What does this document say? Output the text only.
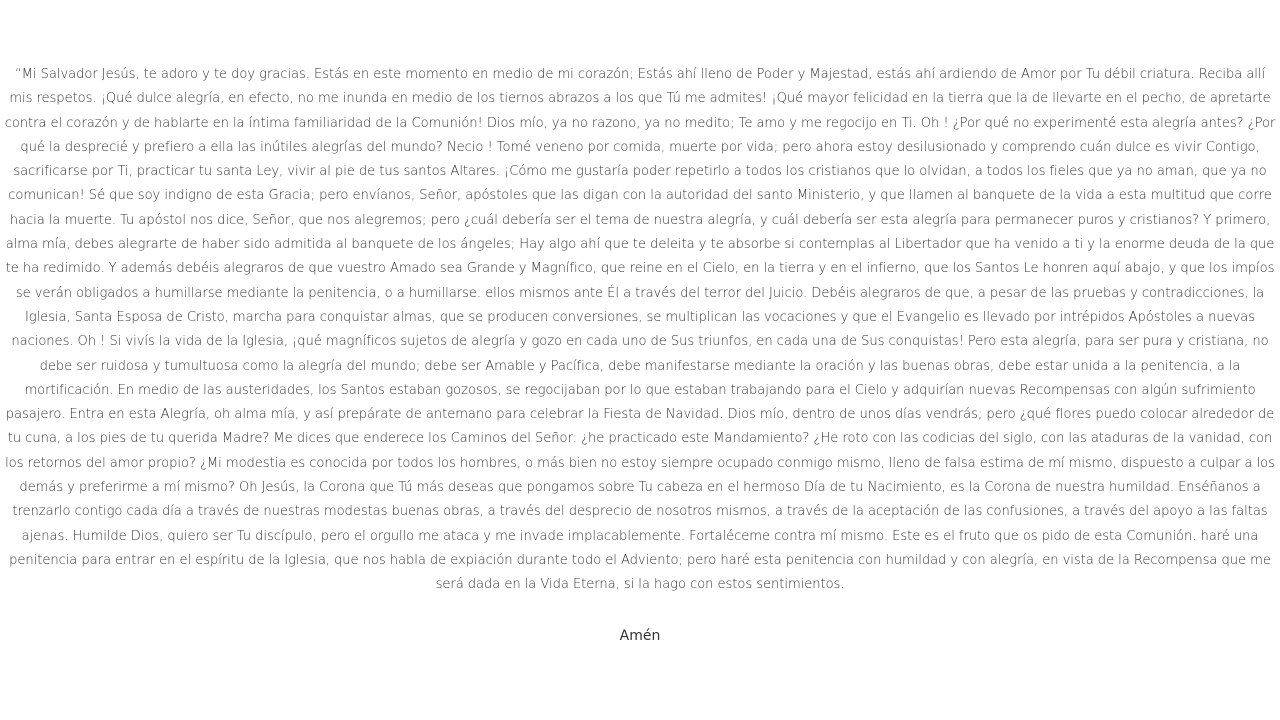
“Mi Salvador Jesús, te adoro y te doy gracias. Estás en este momento en medio de mi corazón; Estás ahí lleno de Poder y Majestad, estás ahí ardiendo de Amor por Tu débil criatura. Reciba allí mis respetos. ¡Qué dulce alegría, en efecto, no me inunda en medio de los tiernos abrazos a los que Tú me admites! ¡Qué mayor felicidad en la tierra que la de llevarte en el pecho, de apretarte contra el corazón y de hablarte en la íntima familiaridad de la Comunión! Dios mío, ya no razono, ya no medito; Te amo y me regocijo en Ti. Oh ! ¿Por qué no experimenté esta alegría antes? ¿Por qué la desprecié y prefiero a ella las inútiles alegrías del mundo? Necio ! Tomé veneno por comida, muerte por vida; pero ahora estoy desilusionado y comprendo cuán dulce es vivir Contigo, sacrificarse por Ti, practicar tu santa Ley, vivir al pie de tus santos Altares. ¡Cómo me gustaría poder repetirlo a todos los cristianos que lo olvidan, a todos los fieles que ya no aman, que ya no comunican! Sé que soy indigno de esta Gracia; pero envíanos, Señor, apóstoles que las digan con la autoridad del santo Ministerio, y que llamen al banquete de la vida a esta multitud que corre hacia la muerte. Tu apóstol nos dice, Señor, que nos alegremos; pero ¿cuál debería ser el tema de nuestra alegría, y cuál debería ser esta alegría para permanecer puros y cristianos? Y primero, alma mía, debes alegrarte de haber sido admitida al banquete de los ángeles; Hay algo ahí que te deleita y te absorbe si contemplas al Libertador que ha venido a ti y la enorme deuda de la que te ha redimido. Y además debéis alegraros de que vuestro Amado sea Grande y Magnífico, que reine en el Cielo, en la tierra y en el infierno, que los Santos Le honren aquí abajo, y que los impíos se verán obligados a humillarse mediante la penitencia, o a humillarse. ellos mismos ante Él a través del terror del Juicio. Debéis alegraros de que, a pesar de las pruebas y contradicciones, la Iglesia, Santa Esposa de Cristo, marcha para conquistar almas, que se producen conversiones, se multiplican las vocaciones y que el Evangelio es llevado por intrépidos Apóstoles a nuevas naciones. Oh ! Si vivís la vida de la Iglesia, ¡qué magníficos sujetos de alegría y gozo en cada uno de Sus triunfos, en cada una de Sus conquistas! Pero esta alegría, para ser pura y cristiana, no debe ser ruidosa y tumultuosa como la alegría del mundo; debe ser Amable y Pacífica, debe manifestarse mediante la oración y las buenas obras, debe estar unida a la penitencia, a la mortificación. En medio de las austeridades, los Santos estaban gozosos, se regocijaban por lo que estaban trabajando para el Cielo y adquirían nuevas Recompensas con algún sufrimiento pasajero. Entra en esta Alegría, oh alma mía, y así prepárate de antemano para celebrar la Fiesta de Navidad. Dios mío, dentro de unos días vendrás; pero ¿qué flores puedo colocar alrededor de tu cuna, a los pies de tu querida Madre? Me dices que enderece los Caminos del Señor: ¿he practicado este Mandamiento? ¿He roto con las codicias del siglo, con las ataduras de la vanidad, con los retornos del amor propio? ¿Mi modestia es conocida por todos los hombres, o más bien no estoy siempre ocupado conmigo mismo, lleno de falsa estima de mí mismo, dispuesto a culpar a los demás y preferirme a mí mismo? Oh Jesús, la Corona que Tú más deseas que pongamos sobre Tu cabeza en el hermoso Día de tu Nacimiento, es la Corona de nuestra humildad. Enséñanos a trenzarlo contigo cada día a través de nuestras modestas buenas obras, a través del desprecio de nosotros mismos, a través de la aceptación de las confusiones, a través del apoyo a las faltas ajenas. Humilde Dios, quiero ser Tu discípulo, pero el orgullo me ataca y me invade implacablemente. Fortaléceme contra mí mismo. Este es el fruto que os pido de esta Comunión. haré una penitencia para entrar en el espíritu de la Iglesia, que nos habla de expiación durante todo el Adviento; pero haré esta penitencia con humildad y con alegría, en vista de la Recompensa que me será dada en la Vida Eterna, si la hago con estos sentimientos.

Amén
